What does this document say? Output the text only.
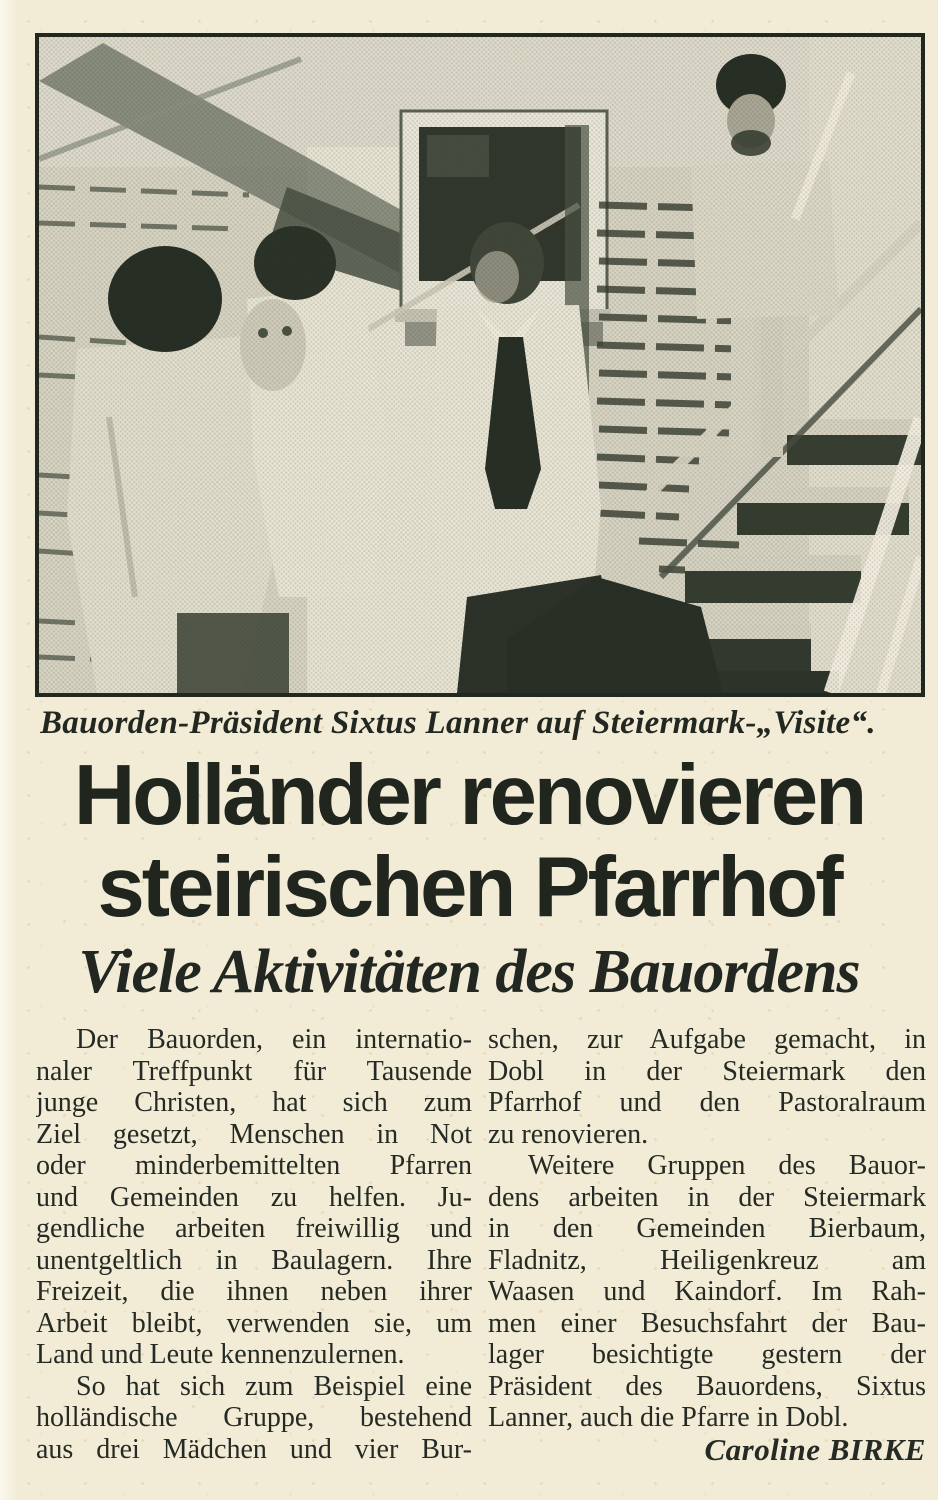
Bauorden-Präsident Sixtus Lanner auf Steiermark-„Visite“.
Holländer renovieren
steirischen Pfarrhof
Viele Aktivitäten des Bauordens
Der Bauorden, ein internatio-
naler Treffpunkt für Tausende
junge Christen, hat sich zum
Ziel gesetzt, Menschen in Not
oder minderbemittelten Pfarren
und Gemeinden zu helfen. Ju-
gendliche arbeiten freiwillig und
unentgeltlich in Baulagern. Ihre
Freizeit, die ihnen neben ihrer
Arbeit bleibt, verwenden sie, um
Land und Leute kennenzulernen.
So hat sich zum Beispiel eine
holländische Gruppe, bestehend
aus drei Mädchen und vier Bur-
schen, zur Aufgabe gemacht, in
Dobl in der Steiermark den
Pfarrhof und den Pastoralraum
zu renovieren.
Weitere Gruppen des Bauor-
dens arbeiten in der Steiermark
in den Gemeinden Bierbaum,
Fladnitz, Heiligenkreuz am
Waasen und Kaindorf. Im Rah-
men einer Besuchsfahrt der Bau-
lager besichtigte gestern der
Präsident des Bauordens, Sixtus
Lanner, auch die Pfarre in Dobl.
Caroline BIRKE
